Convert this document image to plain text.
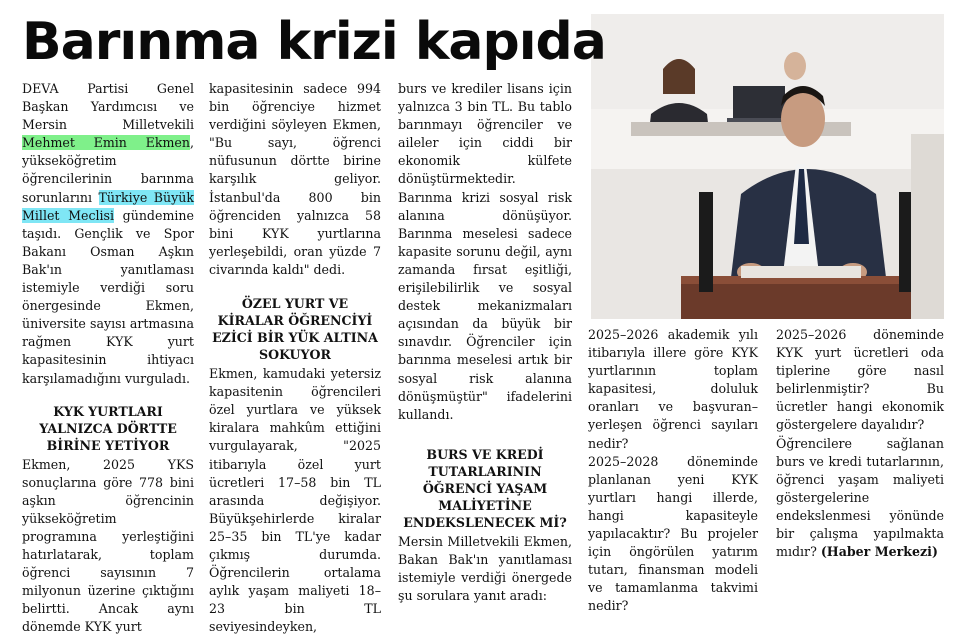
Barınma krizi kapıda

DEVA Partisi Genel Başkan Yardımcısı ve Mersin Milletvekili Mehmet Emin Ekmen, yükseköğretim öğrencilerinin barınma sorunlarını Türkiye Büyük Millet Meclisi gündemine taşıdı. Gençlik ve Spor Bakanı Osman Aşkın Bak'ın yanıtlaması istemiyle verdiği soru önergesinde Ekmen, üniversite sayısı artmasına rağmen KYK yurt kapasitesinin ihtiyacı karşılamadığını vurguladı.

KYK YURTLARI YALNIZCA DÖRTTE BİRİNE YETİYOR

Ekmen, 2025 YKS sonuçlarına göre 778 bini aşkın öğrencinin yükseköğretim programına yerleştiğini hatırlatarak, toplam öğrenci sayısının 7 milyonun üzerine çıktığını belirtti. Ancak aynı dönemde KYK yurt

kapasitesinin sadece 994 bin öğrenciye hizmet verdiğini söyleyen Ekmen, "Bu sayı, öğrenci nüfusunun dörtte birine karşılık geliyor. İstanbul'da 800 bin öğrenciden yalnızca 58 bini KYK yurtlarına yerleşebildi, oran yüzde 7 civarında kaldı" dedi.

ÖZEL YURT VE KİRALAR ÖĞRENCİYİ EZİCİ BİR YÜK ALTINA SOKUYOR

Ekmen, kamudaki yetersiz kapasitenin öğrencileri özel yurtlara ve yüksek kiralara mahkûm ettiğini vurgulayarak, "2025 itibarıyla özel yurt ücretleri 17–58 bin TL arasında değişiyor. Büyükşehirlerde kiralar 25–35 bin TL'ye kadar çıkmış durumda. Öğrencilerin ortalama aylık yaşam maliyeti 18–23 bin TL seviyesindeyken,

burs ve krediler lisans için yalnızca 3 bin TL. Bu tablo barınmayı öğrenciler ve aileler için ciddi bir ekonomik külfete dönüştürmektedir. Barınma krizi sosyal risk alanına dönüşüyor. Barınma meselesi sadece kapasite sorunu değil, aynı zamanda fırsat eşitliği, erişilebilirlik ve sosyal destek mekanizmaları açısından da büyük bir sınavdır. Öğrenciler için barınma meselesi artık bir sosyal risk alanına dönüşmüştür" ifadelerini kullandı.

BURS VE KREDİ TUTARLARININ ÖĞRENCİ YAŞAM MALİYETİNE ENDEKSLENECEK Mİ?

Mersin Milletvekili Ekmen, Bakan Bak'ın yanıtlaması istemiyle verdiği önergede şu sorulara yanıt aradı:

2025–2026 akademik yılı itibarıyla illere göre KYK yurtlarının toplam kapasitesi, doluluk oranları ve başvuran–yerleşen öğrenci sayıları nedir?

2025–2028 döneminde planlanan yeni KYK yurtları hangi illerde, hangi kapasiteyle yapılacaktır? Bu projeler için öngörülen yatırım tutarı, finansman modeli ve tamamlanma takvimi nedir?

2025–2026 döneminde KYK yurt ücretleri oda tiplerine göre nasıl belirlenmiştir? Bu ücretler hangi ekonomik göstergelere dayalıdır?

Öğrencilere sağlanan burs ve kredi tutarlarının, öğrenci yaşam maliyeti göstergelerine endekslenmesi yönünde bir çalışma yapılmakta mıdır? (Haber Merkezi)
